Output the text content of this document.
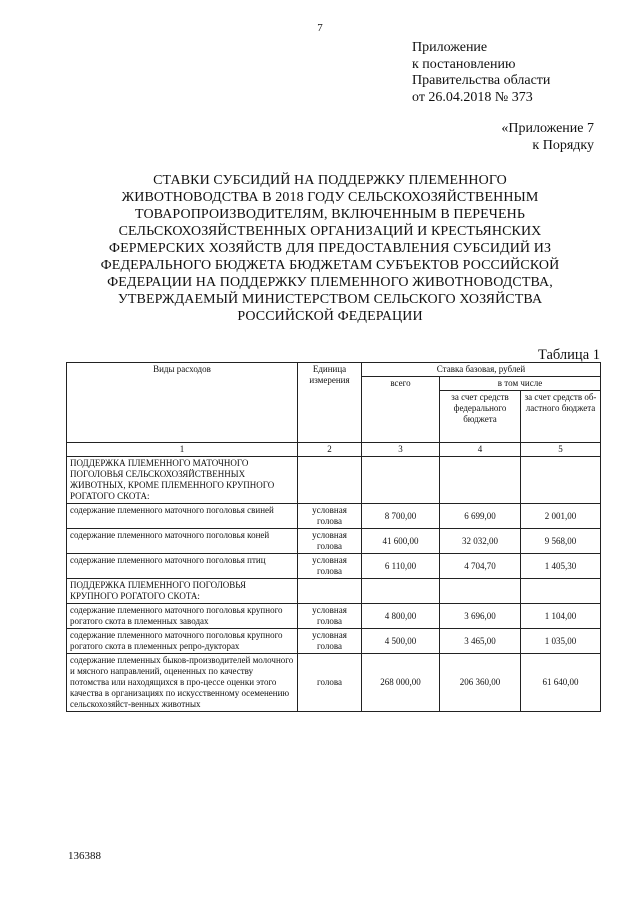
7
Приложение
к постановлению
Правительства области
от 26.04.2018 № 373
«Приложение 7
к Порядку
СТАВКИ СУБСИДИЙ НА ПОДДЕРЖКУ ПЛЕМЕННОГО
ЖИВОТНОВОДСТВА В 2018 ГОДУ СЕЛЬСКОХОЗЯЙСТВЕННЫМ
ТОВАРОПРОИЗВОДИТЕЛЯМ, ВКЛЮЧЕННЫМ В ПЕРЕЧЕНЬ
СЕЛЬСКОХОЗЯЙСТВЕННЫХ ОРГАНИЗАЦИЙ И КРЕСТЬЯНСКИХ
ФЕРМЕРСКИХ ХОЗЯЙСТВ ДЛЯ ПРЕДОСТАВЛЕНИЯ СУБСИДИЙ ИЗ
ФЕДЕРАЛЬНОГО БЮДЖЕТА БЮДЖЕТАМ СУБЪЕКТОВ РОССИЙСКОЙ
ФЕДЕРАЦИИ НА ПОДДЕРЖКУ ПЛЕМЕННОГО ЖИВОТНОВОДСТВА,
УТВЕРЖДАЕМЫЙ МИНИСТЕРСТВОМ СЕЛЬСКОГО ХОЗЯЙСТВА
РОССИЙСКОЙ ФЕДЕРАЦИИ
Таблица 1
Виды расходов	Единица измерения	Ставка базовая, рублей		
		всего	в том числе	
			за счет средств федерального бюджета	за счет средств об-ластного бюджета
1	2	3	4	5
ПОДДЕРЖКА ПЛЕМЕННОГО МАТОЧНОГО ПОГОЛОВЬЯ СЕЛЬСКОХОЗЯЙСТВЕННЫХ ЖИВОТНЫХ, КРОМЕ ПЛЕМЕННОГО КРУПНОГО РОГАТОГО СКОТА:				
содержание племенного маточного поголовья свиней	условная голова	8 700,00	6 699,00	2 001,00
содержание племенного маточного поголовья коней	условная голова	41 600,00	32 032,00	9 568,00
содержание племенного маточного поголовья птиц	условная голова	6 110,00	4 704,70	1 405,30
ПОДДЕРЖКА ПЛЕМЕННОГО ПОГОЛОВЬЯ КРУПНОГО РОГАТОГО СКОТА:				
содержание племенного маточного поголовья крупного рогатого скота в племенных заводах	условная голова	4 800,00	3 696,00	1 104,00
содержание племенного маточного поголовья крупного рогатого скота в племенных репро-дукторах	условная голова	4 500,00	3 465,00	1 035,00
содержание племенных быков-производителей молочного и мясного направлений, оцененных по качеству потомства или находящихся в про-цессе оценки этого качества в организациях по искусственному осеменению сельскохозяйст-венных животных	голова	268 000,00	206 360,00	61 640,00
136388
